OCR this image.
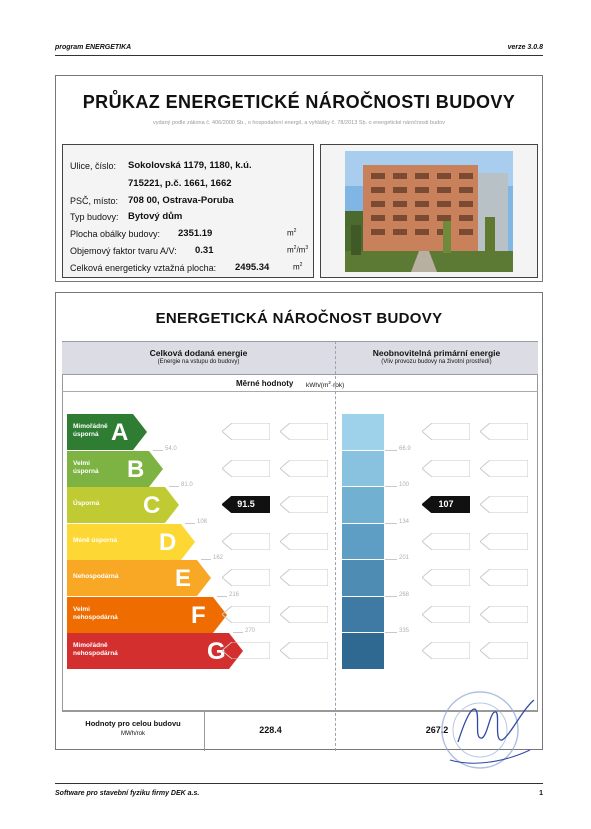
program ENERGETIKA	verze 3.0.8
PRŮKAZ ENERGETICKÉ NÁROČNOSTI BUDOVY
vydaný podle zákona č. 406/2000 Sb., o hospodaření energií, a vyhlášky č. 78/2013 Sb. o energetické náročnosti budov
Ulice, číslo: Sokolovská 1179, 1180, k.ú.
715221, p.č. 1661, 1662
PSČ, místo: 708 00, Ostrava-Poruba
Typ budovy: Bytový dům
Plocha obálky budovy: 2351.19	$m^2$
Objemový faktor tvaru A/V: 0.31	$m^2/m^3$
Celková energeticky vztažná plocha: 2495.34	$m^2$
ENERGETICKÁ NÁROČNOST BUDOVY
Celková dodaná energie
(Energie na vstupu do budovy)
Neobnovitelná primární energie
(Vliv provozu budovy na životní prostředí)
Měrné hodnoty kWh/$(m^2\cdot rok)$
Hodnoty pro celou budovu
MWh/rok	228.4	267.2
Mimořádně
úsporná A
Velmi
úsporná B
Úsporná C
Méně úsporná D
Nehospodárná E
Velmi
nehospodárná	F
Mimořádně
nehospodárná	G
54.0
81.0
108
162
216
270
66.9
100
134
201
268
335
91.5	107
Software pro stavební fyziku firmy DEK a.s.	1
